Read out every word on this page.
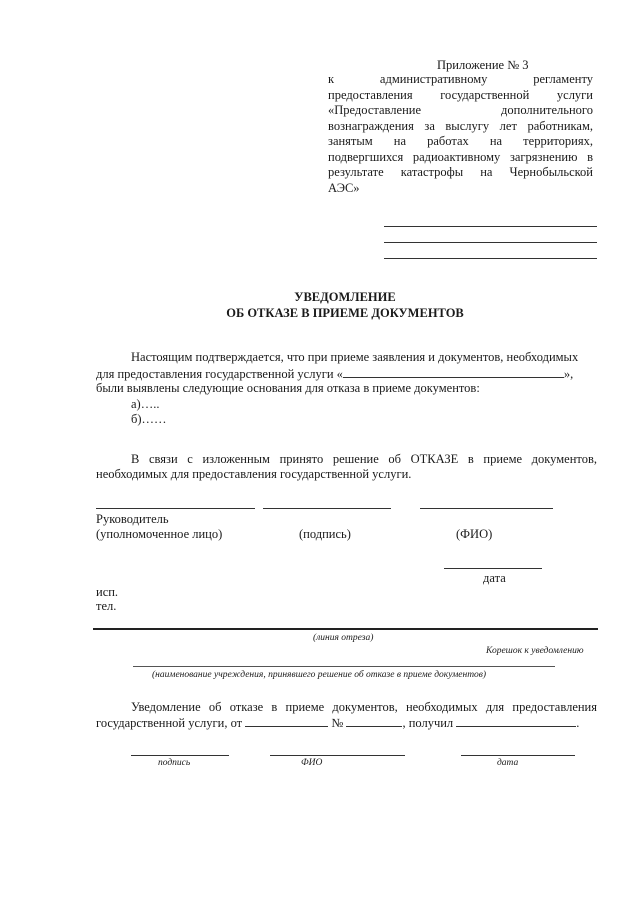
Приложение № 3
к административному регламенту
предоставления государственной услуги
«Предоставление дополнительного
вознаграждения за выслугу лет работникам,
занятым на работах на территориях,
подвергшихся радиоактивному загрязнению в
результате катастрофы на Чернобыльской
АЭС»
УВЕДОМЛЕНИЕ
ОБ ОТКАЗЕ В ПРИЕМЕ ДОКУМЕНТОВ
Настоящим подтверждается, что при приеме заявления и документов, необходимых
для предоставления государственной услуги «	»,
были выявлены следующие основания для отказа в приеме документов:
а)…..
б)……
В связи с изложенным принято решение об ОТКАЗЕ в приеме документов,
необходимых для предоставления государственной услуги.
Руководитель
(уполномоченное лицо)	(подпись)	(ФИО)
дата
исп.
тел.
(линия отреза)
Корешок к уведомлению
(наименование учреждения, принявшего решение об отказе в приеме документов)
Уведомление об отказе в приеме документов, необходимых для предоставления
государственной услуги, от	№	, получил	.
подпись	ФИО	дата
